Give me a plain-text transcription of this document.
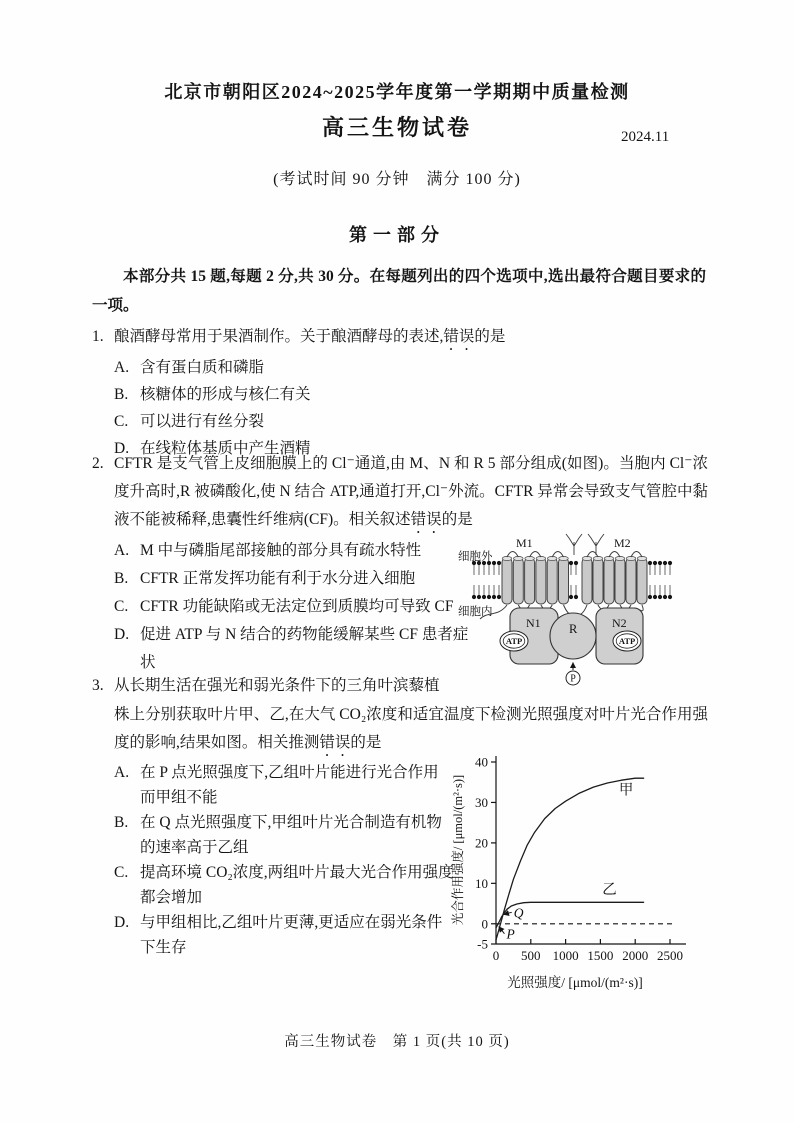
北京市朝阳区2024~2025学年度第一学期期中质量检测
高三生物试卷	2024.11
(考试时间 90 分钟　满分 100 分)
第一部分
本部分共 15 题,每题 2 分,共 30 分。在每题列出的四个选项中,选出最符合题目要求的一项。
1. 酿酒酵母常用于果酒制作。关于酿酒酵母的表述,错误的是
A. 含有蛋白质和磷脂
B. 核糖体的形成与核仁有关
C. 可以进行有丝分裂
D. 在线粒体基质中产生酒精
2. CFTR 是支气管上皮细胞膜上的 Cl⁻通道,由 M、N 和 R 5 部分组成(如图)。当胞内 Cl⁻浓度升高时,R 被磷酸化,使 N 结合 ATP,通道打开,Cl⁻外流。CFTR 异常会导致支气管腔中黏液不能被稀释,患囊性纤维病(CF)。相关叙述错误的是
A. M 中与磷脂尾部接触的部分具有疏水特性
B. CFTR 正常发挥功能有利于水分进入细胞
C. CFTR 功能缺陷或无法定位到质膜均可导致 CF
D. 促进 ATP 与 N 结合的药物能缓解某些 CF 患者症状
细胞外
细胞内
M1	M2
N1	N2
R
ATP	ATP
P
3. 从长期生活在强光和弱光条件下的三角叶滨藜植
株上分别获取叶片甲、乙,在大气 CO₂浓度和适宜温度下检测光照强度对叶片光合作用强度的影响,结果如图。相关推测错误的是
A. 在 P 点光照强度下,乙组叶片能进行光合作用而甲组不能
B. 在 Q 点光照强度下,甲组叶片光合制造有机物的速率高于乙组
C. 提高环境 CO₂浓度,两组叶片最大光合作用强度都会增加
D. 与甲组相比,乙组叶片更薄,更适应在弱光条件下生存	0 500 1000 1500 2000 2500
-5
0
10
20
30
40
甲
乙
Q
P
光照强度/ [μmol/(m²·s)]
光合作用强度/ [μmol/(m²·s)]
高三生物试卷　第 1 页(共 10 页)
